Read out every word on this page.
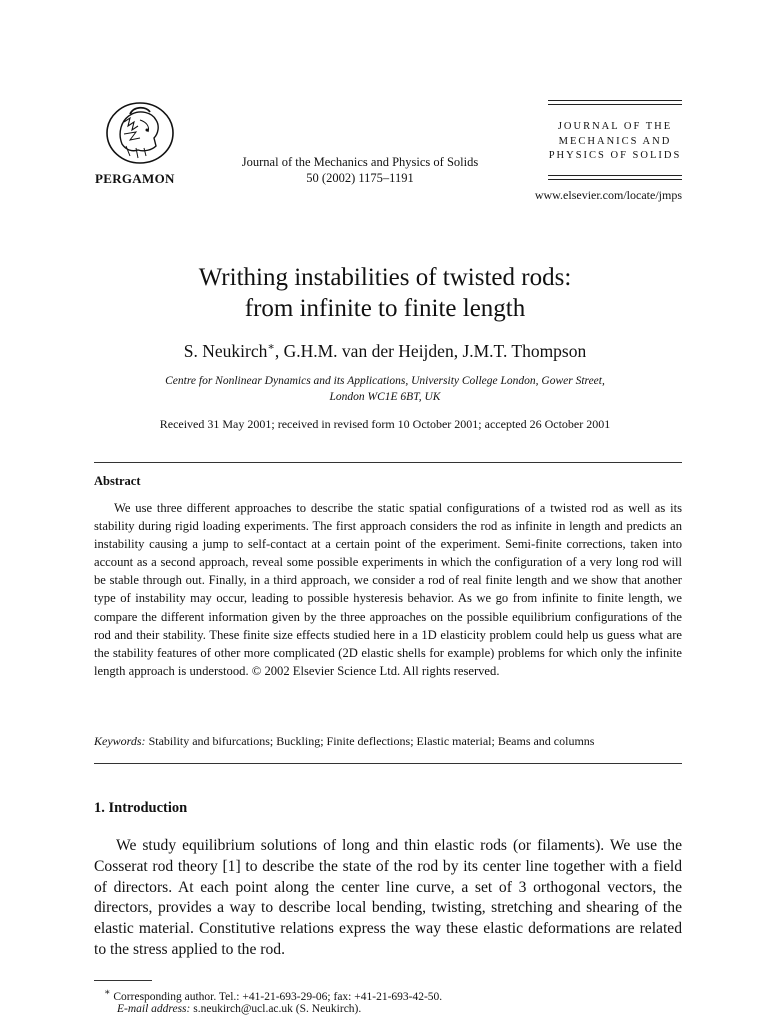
PERGAMON
Journal of the Mechanics and Physics of Solids
50 (2002) 1175–1191
JOURNAL OF THE
MECHANICS AND
PHYSICS OF SOLIDS
www.elsevier.com/locate/jmps
Writhing instabilities of twisted rods:
from infinite to finite length
S. Neukirch∗, G.H.M. van der Heijden, J.M.T. Thompson
Centre for Nonlinear Dynamics and its Applications, University College London, Gower Street,
London WC1E 6BT, UK
Received 31 May 2001; received in revised form 10 October 2001; accepted 26 October 2001
Abstract
We use three different approaches to describe the static spatial configurations of a twisted rod as well as its stability during rigid loading experiments. The first approach considers the rod as infinite in length and predicts an instability causing a jump to self-contact at a certain point of the experiment. Semi-finite corrections, taken into account as a second approach, reveal some possible experiments in which the configuration of a very long rod will be stable through out. Finally, in a third approach, we consider a rod of real finite length and we show that another type of instability may occur, leading to possible hysteresis behavior. As we go from infinite to finite length, we compare the different information given by the three approaches on the possible equilibrium configurations of the rod and their stability. These finite size effects studied here in a 1D elasticity problem could help us guess what are the stability features of other more complicated (2D elastic shells for example) problems for which only the infinite length approach is understood. © 2002 Elsevier Science Ltd. All rights reserved.
Keywords: Stability and bifurcations; Buckling; Finite deflections; Elastic material; Beams and columns
1. Introduction
We study equilibrium solutions of long and thin elastic rods (or filaments). We use the Cosserat rod theory [1] to describe the state of the rod by its center line together with a field of directors. At each point along the center line curve, a set of 3 orthogonal vectors, the directors, provides a way to describe local bending, twisting, stretching and shearing of the elastic material. Constitutive relations express the way these elastic deformations are related to the stress applied to the rod.
∗ Corresponding author. Tel.: +41-21-693-29-06; fax: +41-21-693-42-50.
E-mail address: s.neukirch@ucl.ac.uk (S. Neukirch).
